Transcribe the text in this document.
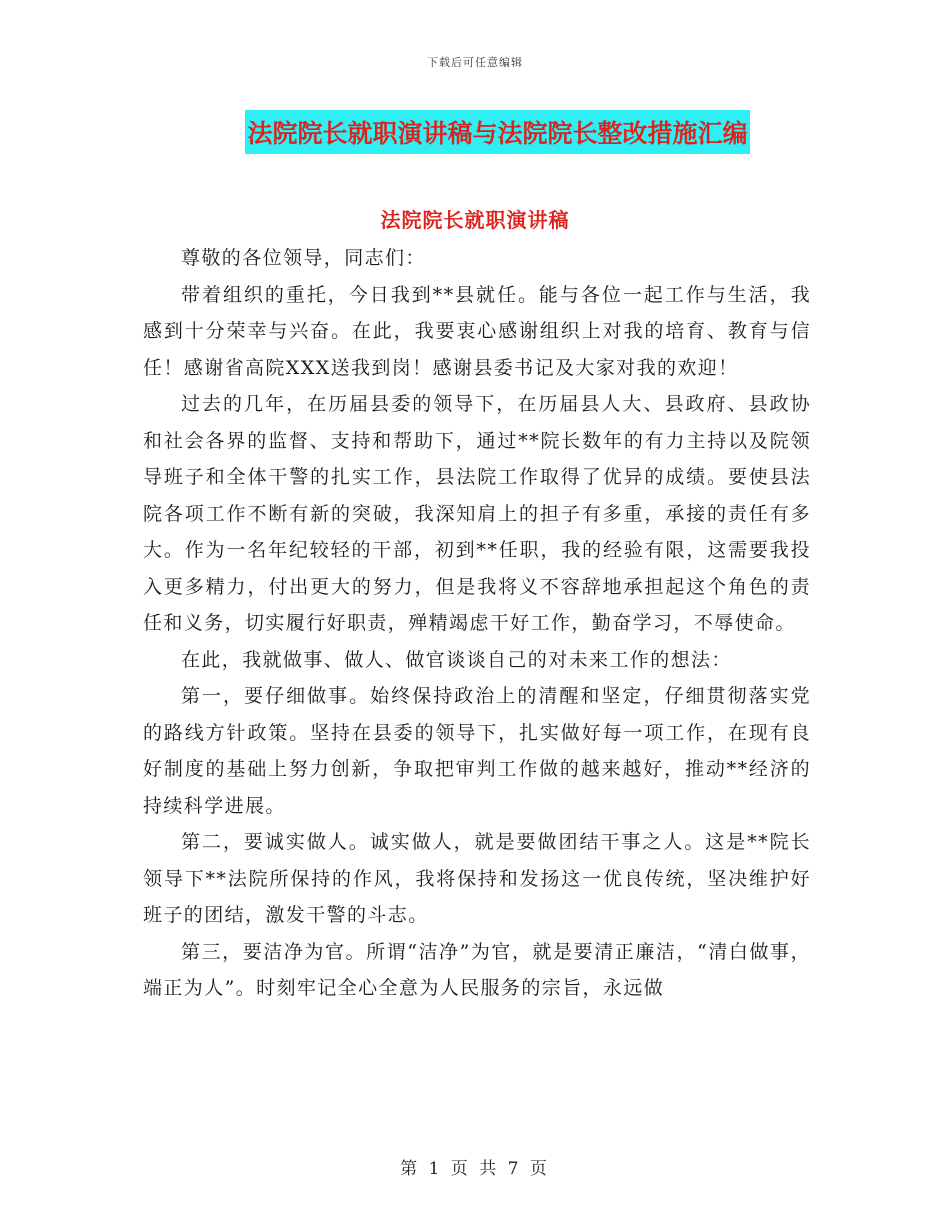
下载后可任意编辑
法院院长就职演讲稿与法院院长整改措施汇编
法院院长就职演讲稿

尊敬的各位领导，同志们：

带着组织的重托，今日我到**县就任。能与各位一起工作与生活，我感到十分荣幸与兴奋。在此，我要衷心感谢组织上对我的培育、教育与信任！感谢省高院XXX送我到岗！感谢县委书记及大家对我的欢迎！

过去的几年，在历届县委的领导下，在历届县人大、县政府、县政协和社会各界的监督、支持和帮助下，通过**院长数年的有力主持以及院领导班子和全体干警的扎实工作，县法院工作取得了优异的成绩。要使县法院各项工作不断有新的突破，我深知肩上的担子有多重，承接的责任有多大。作为一名年纪较轻的干部，初到**任职，我的经验有限，这需要我投入更多精力，付出更大的努力，但是我将义不容辞地承担起这个角色的责任和义务，切实履行好职责，殚精竭虑干好工作，勤奋学习，不辱使命。

在此，我就做事、做人、做官谈谈自己的对未来工作的想法：

第一，要仔细做事。始终保持政治上的清醒和坚定，仔细贯彻落实党的路线方针政策。坚持在县委的领导下，扎实做好每一项工作，在现有良好制度的基础上努力创新，争取把审判工作做的越来越好，推动**经济的持续科学进展。

第二，要诚实做人。诚实做人，就是要做团结干事之人。这是**院长领导下**法院所保持的作风，我将保持和发扬这一优良传统，坚决维护好班子的团结，激发干警的斗志。

第三，要洁净为官。所谓“洁净”为官，就是要清正廉洁，“清白做事，端正为人”。时刻牢记全心全意为人民服务的宗旨，永远做

第 1 页 共 7 页
